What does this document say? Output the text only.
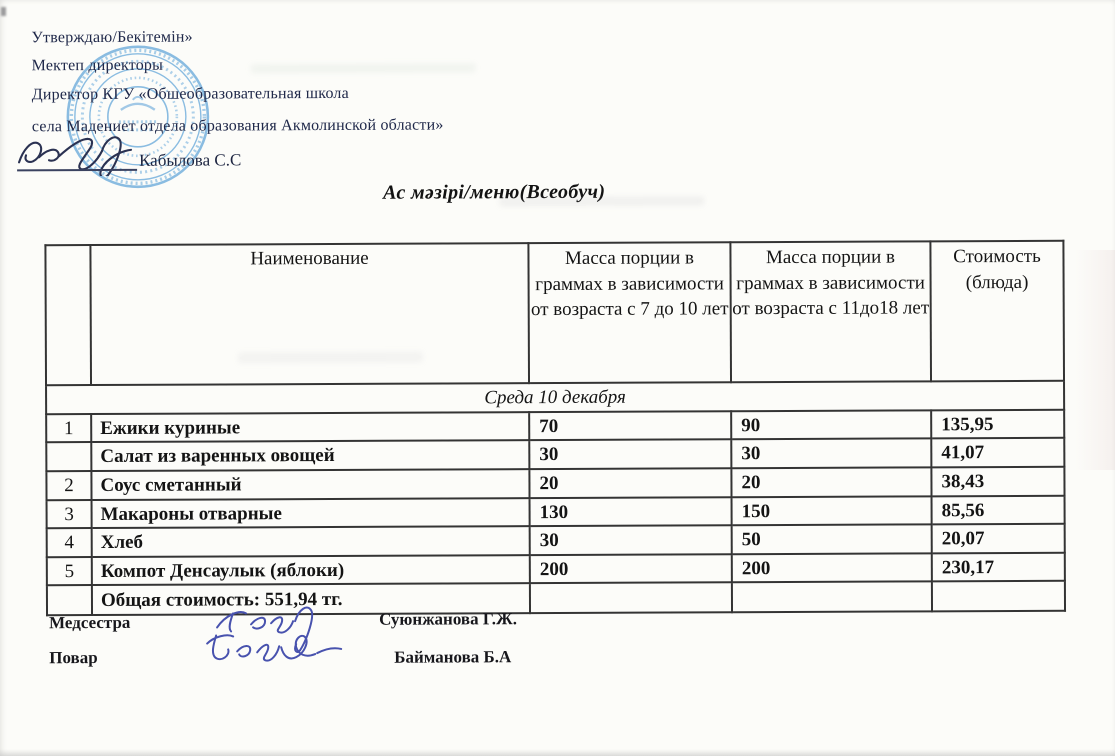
Утверждаю/Бекітемін»
Мектеп директоры
Директор КГУ «Обшеобразовательная школа
села Мадениет отдела образования Акмолинской области»
Кабылова С.С
Ас мәзірі/меню(Всеобуч)
	Наименование	Масса порции в граммах в зависимости от возраста с 7 до 10 лет	Масса порции в граммах в зависимости от возраста с 11до18 лет	Стоимость (блюда)
Среда 10 декабря				
1	Ежики куриные	70	90	135,95
	Салат из варенных овощей	30	30	41,07
2	Соус сметанный	20	20	38,43
3	Макароны отварные	130	150	85,56
4	Хлеб	30	50	20,07
5	Компот Денсаулык (яблоки)	200	200	230,17
	Общая стоимость: 551,94 тг.			
Медсестра	Суюнжанова Г.Ж.
Повар	Байманова Б.А
